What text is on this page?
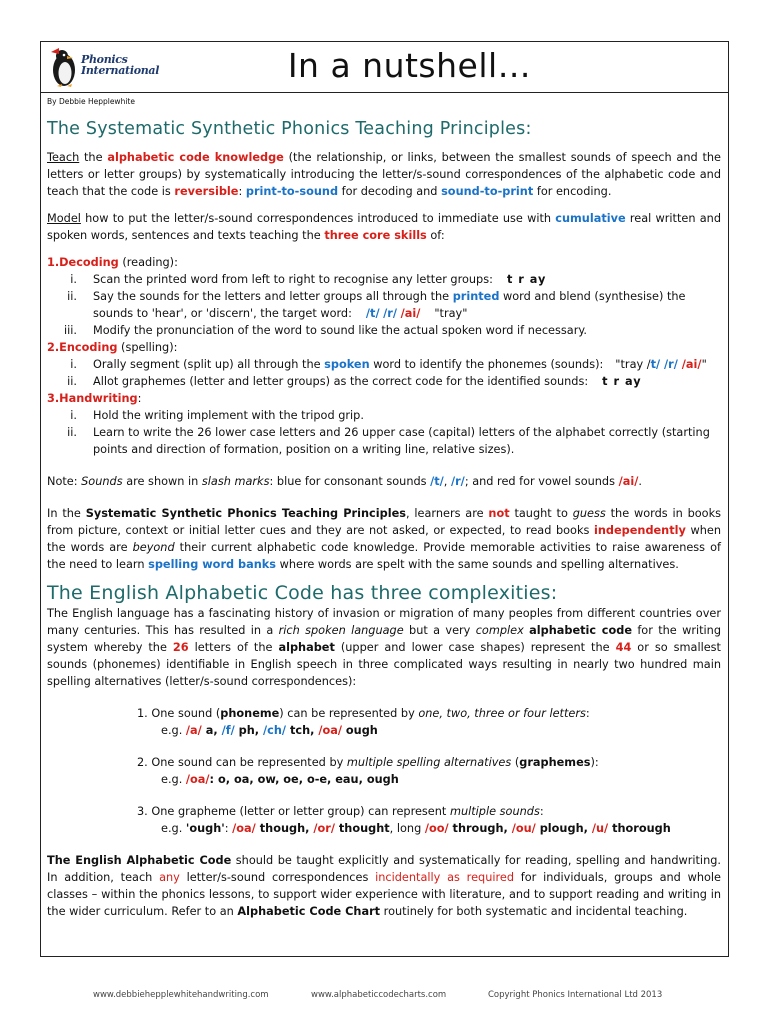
Phonics
International	In a nutshell…
By Debbie Hepplewhite
The Systematic Synthetic Phonics Teaching Principles:

Teach the alphabetic code knowledge (the relationship, or links, between the smallest sounds of speech and the letters or letter groups) by systematically introducing the letter/s-sound correspondences of the alphabetic code and teach that the code is reversible: print-to-sound for decoding and sound-to-print for encoding.

Model how to put the letter/s-sound correspondences introduced to immediate use with cumulative real written and spoken words, sentences and texts teaching the three core skills of:

1.Decoding (reading):
i. Scan the printed word from left to right to recognise any letter groups: t r ay
ii. Say the sounds for the letters and letter groups all through the printed word and blend (synthesise) the sounds to 'hear', or 'discern', the target word: /t/ /r/ /ai/ "tray"
iii. Modify the pronunciation of the word to sound like the actual spoken word if necessary.
2.Encoding (spelling):
i. Orally segment (split up) all through the spoken word to identify the phonemes (sounds): "tray /t/ /r/ /ai/"
ii. Allot graphemes (letter and letter groups) as the correct code for the identified sounds: t r ay
3.Handwriting:
i. Hold the writing implement with the tripod grip.
ii. Learn to write the 26 lower case letters and 26 upper case (capital) letters of the alphabet correctly (starting points and direction of formation, position on a writing line, relative sizes).

Note: Sounds are shown in slash marks: blue for consonant sounds /t/, /r/; and red for vowel sounds /ai/.

In the Systematic Synthetic Phonics Teaching Principles, learners are not taught to guess the words in books from picture, context or initial letter cues and they are not asked, or expected, to read books independently when the words are beyond their current alphabetic code knowledge. Provide memorable activities to raise awareness of the need to learn spelling word banks where words are spelt with the same sounds and spelling alternatives.

The English Alphabetic Code has three complexities:

The English language has a fascinating history of invasion or migration of many peoples from different countries over many centuries. This has resulted in a rich spoken language but a very complex alphabetic code for the writing system whereby the 26 letters of the alphabet (upper and lower case shapes) represent the 44 or so smallest sounds (phonemes) identifiable in English speech in three complicated ways resulting in nearly two hundred main spelling alternatives (letter/s-sound correspondences):

1. One sound (phoneme) can be represented by one, two, three or four letters:
e.g. /a/ a, /f/ ph, /ch/ tch, /oa/ ough
2. One sound can be represented by multiple spelling alternatives (graphemes):
e.g. /oa/: o, oa, ow, oe, o-e, eau, ough
3. One grapheme (letter or letter group) can represent multiple sounds:
e.g. 'ough': /oa/ though, /or/ thought, long /oo/ through, /ou/ plough, /u/ thorough

The English Alphabetic Code should be taught explicitly and systematically for reading, spelling and handwriting. In addition, teach any letter/s-sound correspondences incidentally as required for individuals, groups and whole classes – within the phonics lessons, to support wider experience with literature, and to support reading and writing in the wider curriculum. Refer to an Alphabetic Code Chart routinely for both systematic and incidental teaching.

www.debbiehepplewhitehandwriting.com	www.alphabeticcodecharts.com	Copyright Phonics International Ltd 2013
